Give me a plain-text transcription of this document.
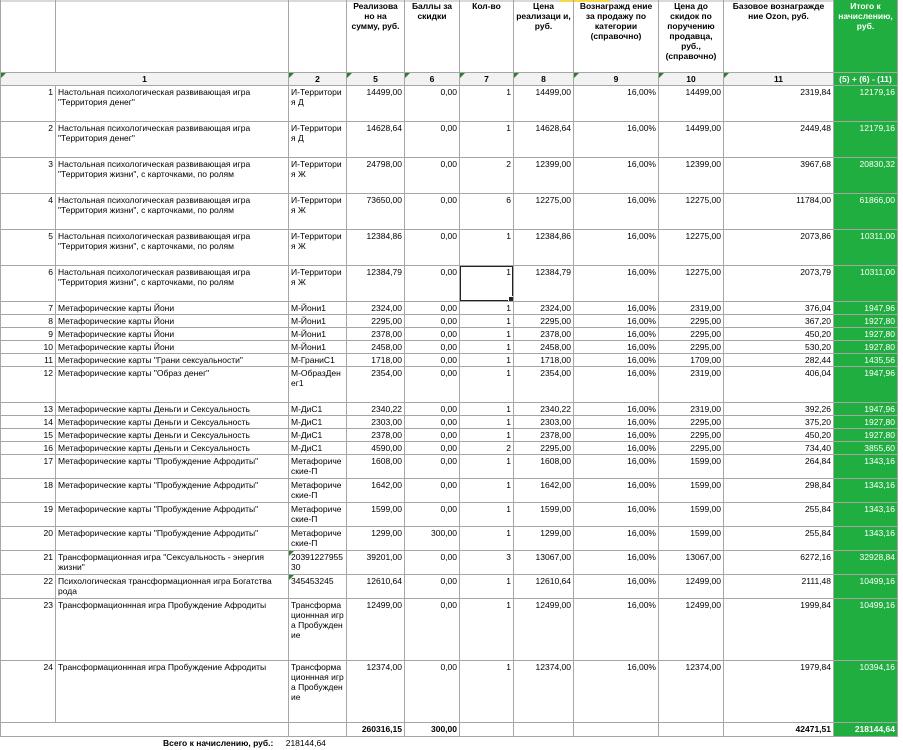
			Реализова но на сумму, руб.	Баллы за скидки	Кол-во	Цена реализаци и, руб.	Вознагражд ение за продажу по категории (справочно)	Цена до скидок по поручению продавца, руб., (справочно)	Базовое вознагражде ние Ozon, руб.	Итого к начислению, руб.

1		2	5	6	7	8	9	10	11	(5) + (6) - (11)
1	Настольная психологическая развивающая игра "Территория денег"	И-Территория Д	14499,00	0,00	1	14499,00	16,00%	14499,00	2319,84	12179,16
2	Настольная психологическая развивающая игра "Территория денег"	И-Территория Д	14628,64	0,00	1	14628,64	16,00%	14499,00	2449,48	12179,16
3	Настольная психологическая развивающая игра "Территория жизни", с карточками, по ролям	И-Территория Ж	24798,00	0,00	2	12399,00	16,00%	12399,00	3967,68	20830,32
4	Настольная психологическая развивающая игра "Территория жизни", с карточками, по ролям	И-Территория Ж	73650,00	0,00	6	12275,00	16,00%	12275,00	11784,00	61866,00
5	Настольная психологическая развивающая игра "Территория жизни", с карточками, по ролям	И-Территория Ж	12384,86	0,00	1	12384,86	16,00%	12275,00	2073,86	10311,00
6	Настольная психологическая развивающая игра "Территория жизни", с карточками, по ролям	И-Территория Ж	12384,79	0,00	1	12384,79	16,00%	12275,00	2073,79	10311,00
7	Метафорические карты Йони	М-Йони1	2324,00	0,00	1	2324,00	16,00%	2319,00	376,04	1947,96
8	Метафорические карты Йони	М-Йони1	2295,00	0,00	1	2295,00	16,00%	2295,00	367,20	1927,80
9	Метафорические карты Йони	М-Йони1	2378,00	0,00	1	2378,00	16,00%	2295,00	450,20	1927,80
10	Метафорические карты Йони	М-Йони1	2458,00	0,00	1	2458,00	16,00%	2295,00	530,20	1927,80
11	Метафорические карты "Грани сексуальности"	М-ГраниС1	1718,00	0,00	1	1718,00	16,00%	1709,00	282,44	1435,56
12	Метафорические карты "Образ денег"	М-ОбразДенег1	2354,00	0,00	1	2354,00	16,00%	2319,00	406,04	1947,96
13	Метафорические карты Деньги и Сексуальность	М-ДиС1	2340,22	0,00	1	2340,22	16,00%	2319,00	392,26	1947,96
14	Метафорические карты Деньги и Сексуальность	М-ДиС1	2303,00	0,00	1	2303,00	16,00%	2295,00	375,20	1927,80
15	Метафорические карты Деньги и Сексуальность	М-ДиС1	2378,00	0,00	1	2378,00	16,00%	2295,00	450,20	1927,80
16	Метафорические карты Деньги и Сексуальность	М-ДиС1	4590,00	0,00	2	2295,00	16,00%	2295,00	734,40	3855,60
17	Метафорические карты "Пробуждение Афродиты"	Метафориче ские-П	1608,00	0,00	1	1608,00	16,00%	1599,00	264,84	1343,16
18	Метафорические карты "Пробуждение Афродиты"	Метафориче ские-П	1642,00	0,00	1	1642,00	16,00%	1599,00	298,84	1343,16
19	Метафорические карты "Пробуждение Афродиты"	Метафориче ские-П	1599,00	0,00	1	1599,00	16,00%	1599,00	255,84	1343,16
20	Метафорические карты "Пробуждение Афродиты"	Метафориче ские-П	1299,00	300,00	1	1299,00	16,00%	1599,00	255,84	1343,16
21	Трансформационная игра "Сексуальность - энергия жизни"	2039122795530	39201,00	0,00	3	13067,00	16,00%	13067,00	6272,16	32928,84
22	Психологическая трансформационная игра Богатства рода	345453245	12610,64	0,00	1	12610,64	16,00%	12499,00	2111,48	10499,16
23	Трансформационнная игра Пробуждение Афродиты	Трансформа ционнная игра Пробужден ие	12499,00	0,00	1	12499,00	16,00%	12499,00	1999,84	10499,16
24	Трансформационнная игра Пробуждение Афродиты	Трансформа ционнная игра Пробужден ие	12374,00	0,00	1	12374,00	16,00%	12374,00	1979,84	10394,16
			260316,15	300,00					42471,51	218144,64
Всего к начислению, руб.: 218144,64
